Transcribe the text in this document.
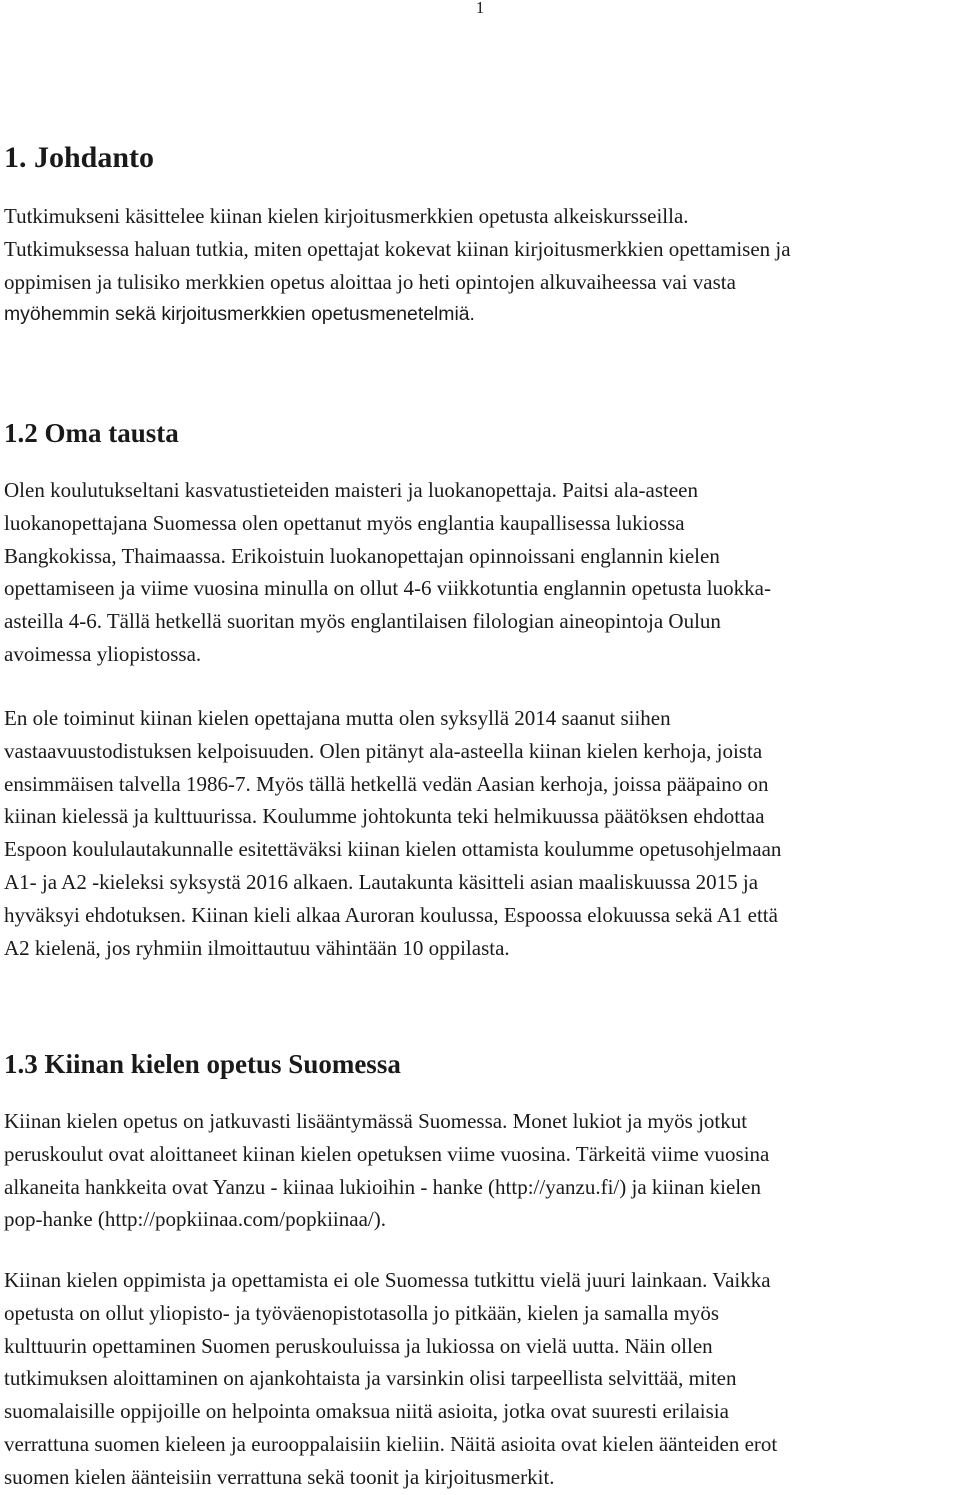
1
1. Johdanto

Tutkimukseni käsittelee kiinan kielen kirjoitusmerkkien opetusta alkeiskursseilla.
Tutkimuksessa haluan tutkia, miten opettajat kokevat kiinan kirjoitusmerkkien opettamisen ja
oppimisen ja tulisiko merkkien opetus aloittaa jo heti opintojen alkuvaiheessa vai vasta
myöhemmin sekä kirjoitusmerkkien opetusmenetelmiä.

1.2 Oma tausta

Olen koulutukseltani kasvatustieteiden maisteri ja luokanopettaja. Paitsi ala-asteen
luokanopettajana Suomessa olen opettanut myös englantia kaupallisessa lukiossa
Bangkokissa, Thaimaassa. Erikoistuin luokanopettajan opinnoissani englannin kielen
opettamiseen ja viime vuosina minulla on ollut 4-6 viikkotuntia englannin opetusta luokka-
asteilla 4-6. Tällä hetkellä suoritan myös englantilaisen filologian aineopintoja Oulun
avoimessa yliopistossa.

En ole toiminut kiinan kielen opettajana mutta olen syksyllä 2014 saanut siihen
vastaavuustodistuksen kelpoisuuden. Olen pitänyt ala-asteella kiinan kielen kerhoja, joista
ensimmäisen talvella 1986-7. Myös tällä hetkellä vedän Aasian kerhoja, joissa pääpaino on
kiinan kielessä ja kulttuurissa. Koulumme johtokunta teki helmikuussa päätöksen ehdottaa
Espoon koululautakunnalle esitettäväksi kiinan kielen ottamista koulumme opetusohjelmaan
A1- ja A2 -kieleksi syksystä 2016 alkaen. Lautakunta käsitteli asian maaliskuussa 2015 ja
hyväksyi ehdotuksen. Kiinan kieli alkaa Auroran koulussa, Espoossa elokuussa sekä A1 että
A2 kielenä, jos ryhmiin ilmoittautuu vähintään 10 oppilasta.

1.3 Kiinan kielen opetus Suomessa

Kiinan kielen opetus on jatkuvasti lisääntymässä Suomessa. Monet lukiot ja myös jotkut
peruskoulut ovat aloittaneet kiinan kielen opetuksen viime vuosina. Tärkeitä viime vuosina
alkaneita hankkeita ovat Yanzu - kiinaa lukioihin - hanke (http://yanzu.fi/) ja kiinan kielen
pop-hanke (http://popkiinaa.com/popkiinaa/).

Kiinan kielen oppimista ja opettamista ei ole Suomessa tutkittu vielä juuri lainkaan. Vaikka
opetusta on ollut yliopisto- ja työväenopistotasolla jo pitkään, kielen ja samalla myös
kulttuurin opettaminen Suomen peruskouluissa ja lukiossa on vielä uutta. Näin ollen
tutkimuksen aloittaminen on ajankohtaista ja varsinkin olisi tarpeellista selvittää, miten
suomalaisille oppijoille on helpointa omaksua niitä asioita, jotka ovat suuresti erilaisia
verrattuna suomen kieleen ja eurooppalaisiin kieliin. Näitä asioita ovat kielen äänteiden erot
suomen kielen äänteisiin verrattuna sekä toonit ja kirjoitusmerkit.
